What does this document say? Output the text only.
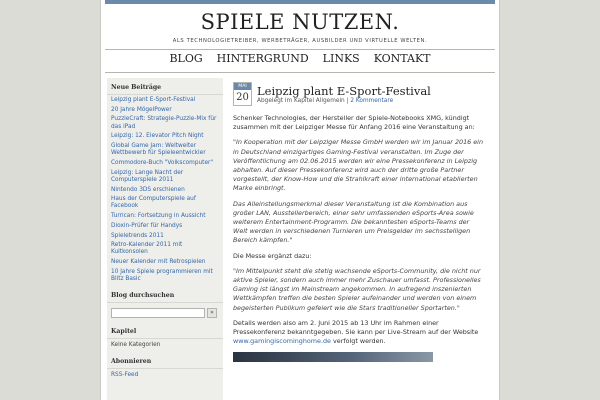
SPIELE NUTZEN.
ALS TECHNOLOGIETREIBER, WERBETRÄGER, AUSBILDER UND VIRTUELLE WELTEN.
BLOG HINTERGRUND LINKS KONTAKT
Neue Beiträge
Leipzig plant E-Sport-Festival
20 Jahre MögelPower
PuzzleCraft: Strategie-Puzzle-Mix für das iPad
Leipzig: 12. Elevator Pitch Night
Global Game Jam: Weltweiter Wettbewerb für Spieleentwickler
Commodore-Buch "Volkscomputer"
Leipzig: Lange Nacht der Computerspiele 2011
Nintendo 3DS erschienen
Haus der Computerspiele auf Facebook
Turrican: Fortsetzung in Aussicht
Dioxin-Prüfer für Handys
Spieletrends 2011
Retro-Kalender 2011 mit Kultkonsolen
Neuer Kalender mit Retrospielen
10 Jahre Spiele programmieren mit Blitz Basic
Blog durchsuchen
»
Kapitel
Keine Kategorien
Abonnieren
RSS-Feed
MAI
20 Leipzig plant E-Sport-Festival
Abgelegt im Kapitel Allgemein | 2 Kommentare

Schenker Technologies, der Hersteller der Spiele-Notebooks XMG, kündigt zusammen mit der Leipziger Messe für Anfang 2016 eine Veranstaltung an:

"In Kooperation mit der Leipziger Messe GmbH werden wir im Januar 2016 ein in Deutschland einzigartiges Gaming-Festival veranstalten. Im Zuge der Veröffentlichung am 02.06.2015 werden wir eine Pressekonferenz in Leipzig abhalten. Auf dieser Pressekonferenz wird auch der dritte große Partner vorgestellt, der Know-How und die Strahlkraft einer international etablierten Marke einbringt.

Das Alleinstellungsmerkmal dieser Veranstaltung ist die Kombination aus großer LAN, Ausstellerbereich, einer sehr umfassenden eSports-Area sowie weiterem Entertainment-Programm. Die bekanntesten eSports-Teams der Welt werden in verschiedenen Turnieren um Preisgelder im sechsstelligen Bereich kämpfen."

Die Messe ergänzt dazu:

"Im Mittelpunkt steht die stetig wachsende eSports-Community, die nicht nur aktive Spieler, sondern auch immer mehr Zuschauer umfasst. Professionelles Gaming ist längst im Mainstream angekommen. In aufregend inszenierten Wettkämpfen treffen die besten Spieler aufeinander und werden von einem begeisterten Publikum gefeiert wie die Stars traditioneller Sportarten."

Details werden also am 2. Juni 2015 ab 13 Uhr im Rahmen einer Pressekonferenz bekanntgegeben. Sie kann per Live-Stream auf der Website www.gamingiscominghome.de verfolgt werden.
